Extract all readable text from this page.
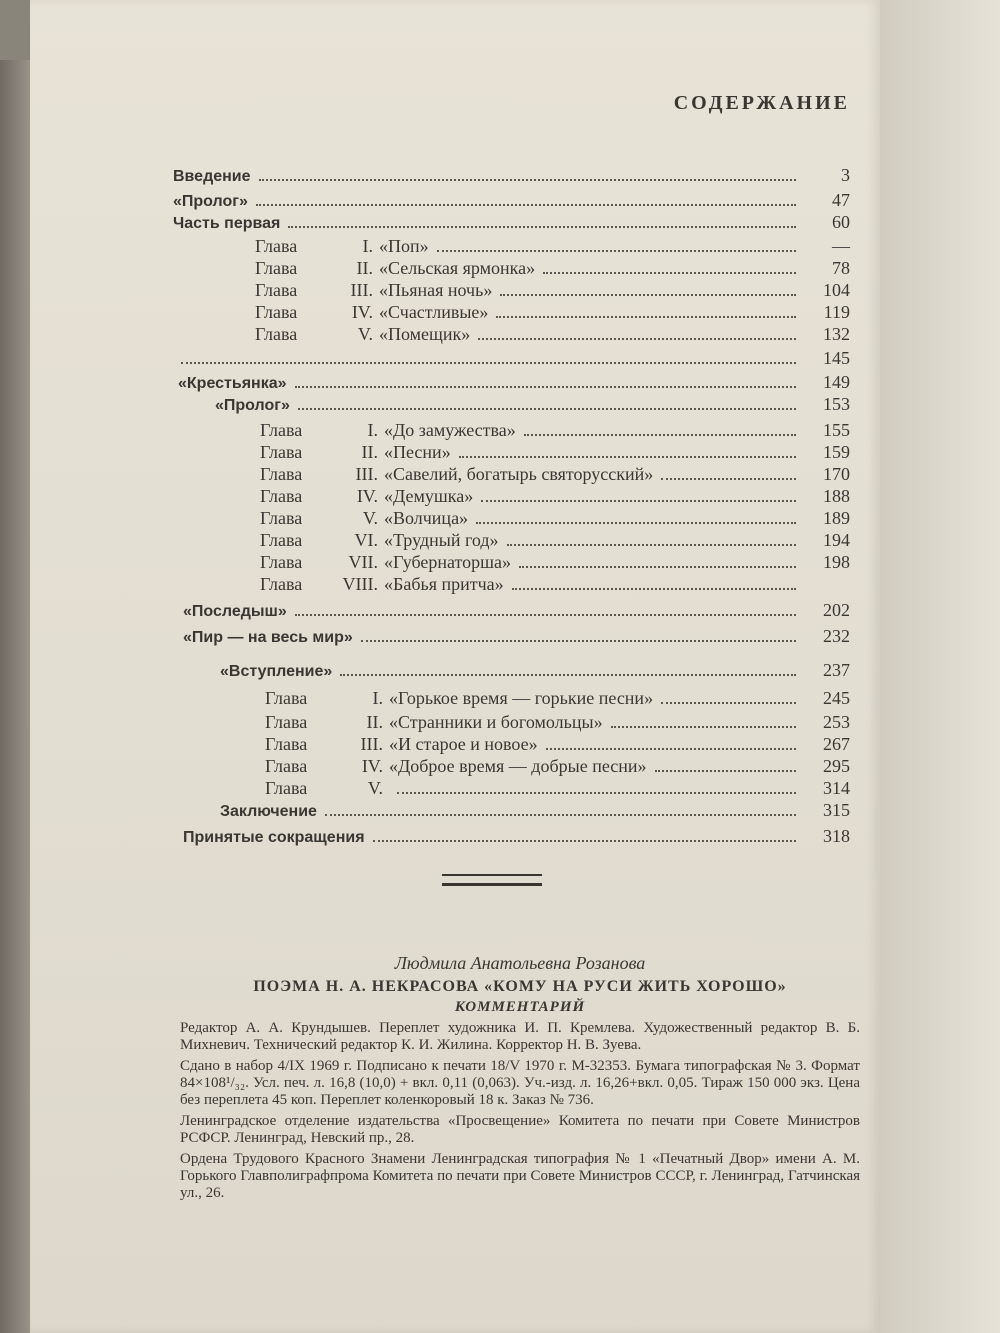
СОДЕРЖАНИЕ
Введение	3
«Пролог»	47
Часть первая	60
Глава	I. «Поп»	—
Глава	II. «Сельская ярмонка»	78
Глава	III. «Пьяная ночь»	104
Глава	IV. «Счастливые»	119
Глава	V. «Помещик»	132
145
«Крестьянка»	149
«Пролог»	153
Глава	I. «До замужества»	155
Глава	II. «Песни»	159
Глава	III. «Савелий, богатырь святорусский»	170
Глава	IV. «Демушка»	188
Глава	V. «Волчица»	189
Глава	VI. «Трудный год»	194
Глава	VII. «Губернаторша»	198
Глава	VIII. «Бабья притча»
«Последыш»	202
«Пир — на весь мир»	232
«Вступление»	237
Глава	I. «Горькое время — горькие песни»	245
Глава	II. «Странники и богомольцы»	253
Глава	III. «И старое и новое»	267
Глава	IV. «Доброе время — добрые песни»	295
Глава	V.	314
Заключение	315
Принятые сокращения	318
Людмила Анатольевна Розанова
ПОЭМА Н. А. НЕКРАСОВА «КОМУ НА РУСИ ЖИТЬ ХОРОШО»
КОММЕНТАРИЙ

Редактор А. А. Крундышев. Переплет художника И. П. Кремлева. Художественный редактор В. Б. Михневич. Технический редактор К. И. Жилина. Корректор Н. В. Зуева.

Сдано в набор 4/IX 1969 г. Подписано к печати 18/V 1970 г. М-32353. Бумага типографская № 3. Формат 84×108¹/₃₂. Усл. печ. л. 16,8 (10,0) + вкл. 0,11 (0,063). Уч.-изд. л. 16,26+вкл. 0,05. Тираж 150 000 экз. Цена без переплета 45 коп. Переплет коленкоровый 18 к. Заказ № 736.

Ленинградское отделение издательства «Просвещение» Комитета по печати при Совете Министров РСФСР. Ленинград, Невский пр., 28.

Ордена Трудового Красного Знамени Ленинградская типография № 1 «Печатный Двор» имени А. М. Горького Главполиграфпрома Комитета по печати при Совете Министров СССР, г. Ленинград, Гатчинская ул., 26.
